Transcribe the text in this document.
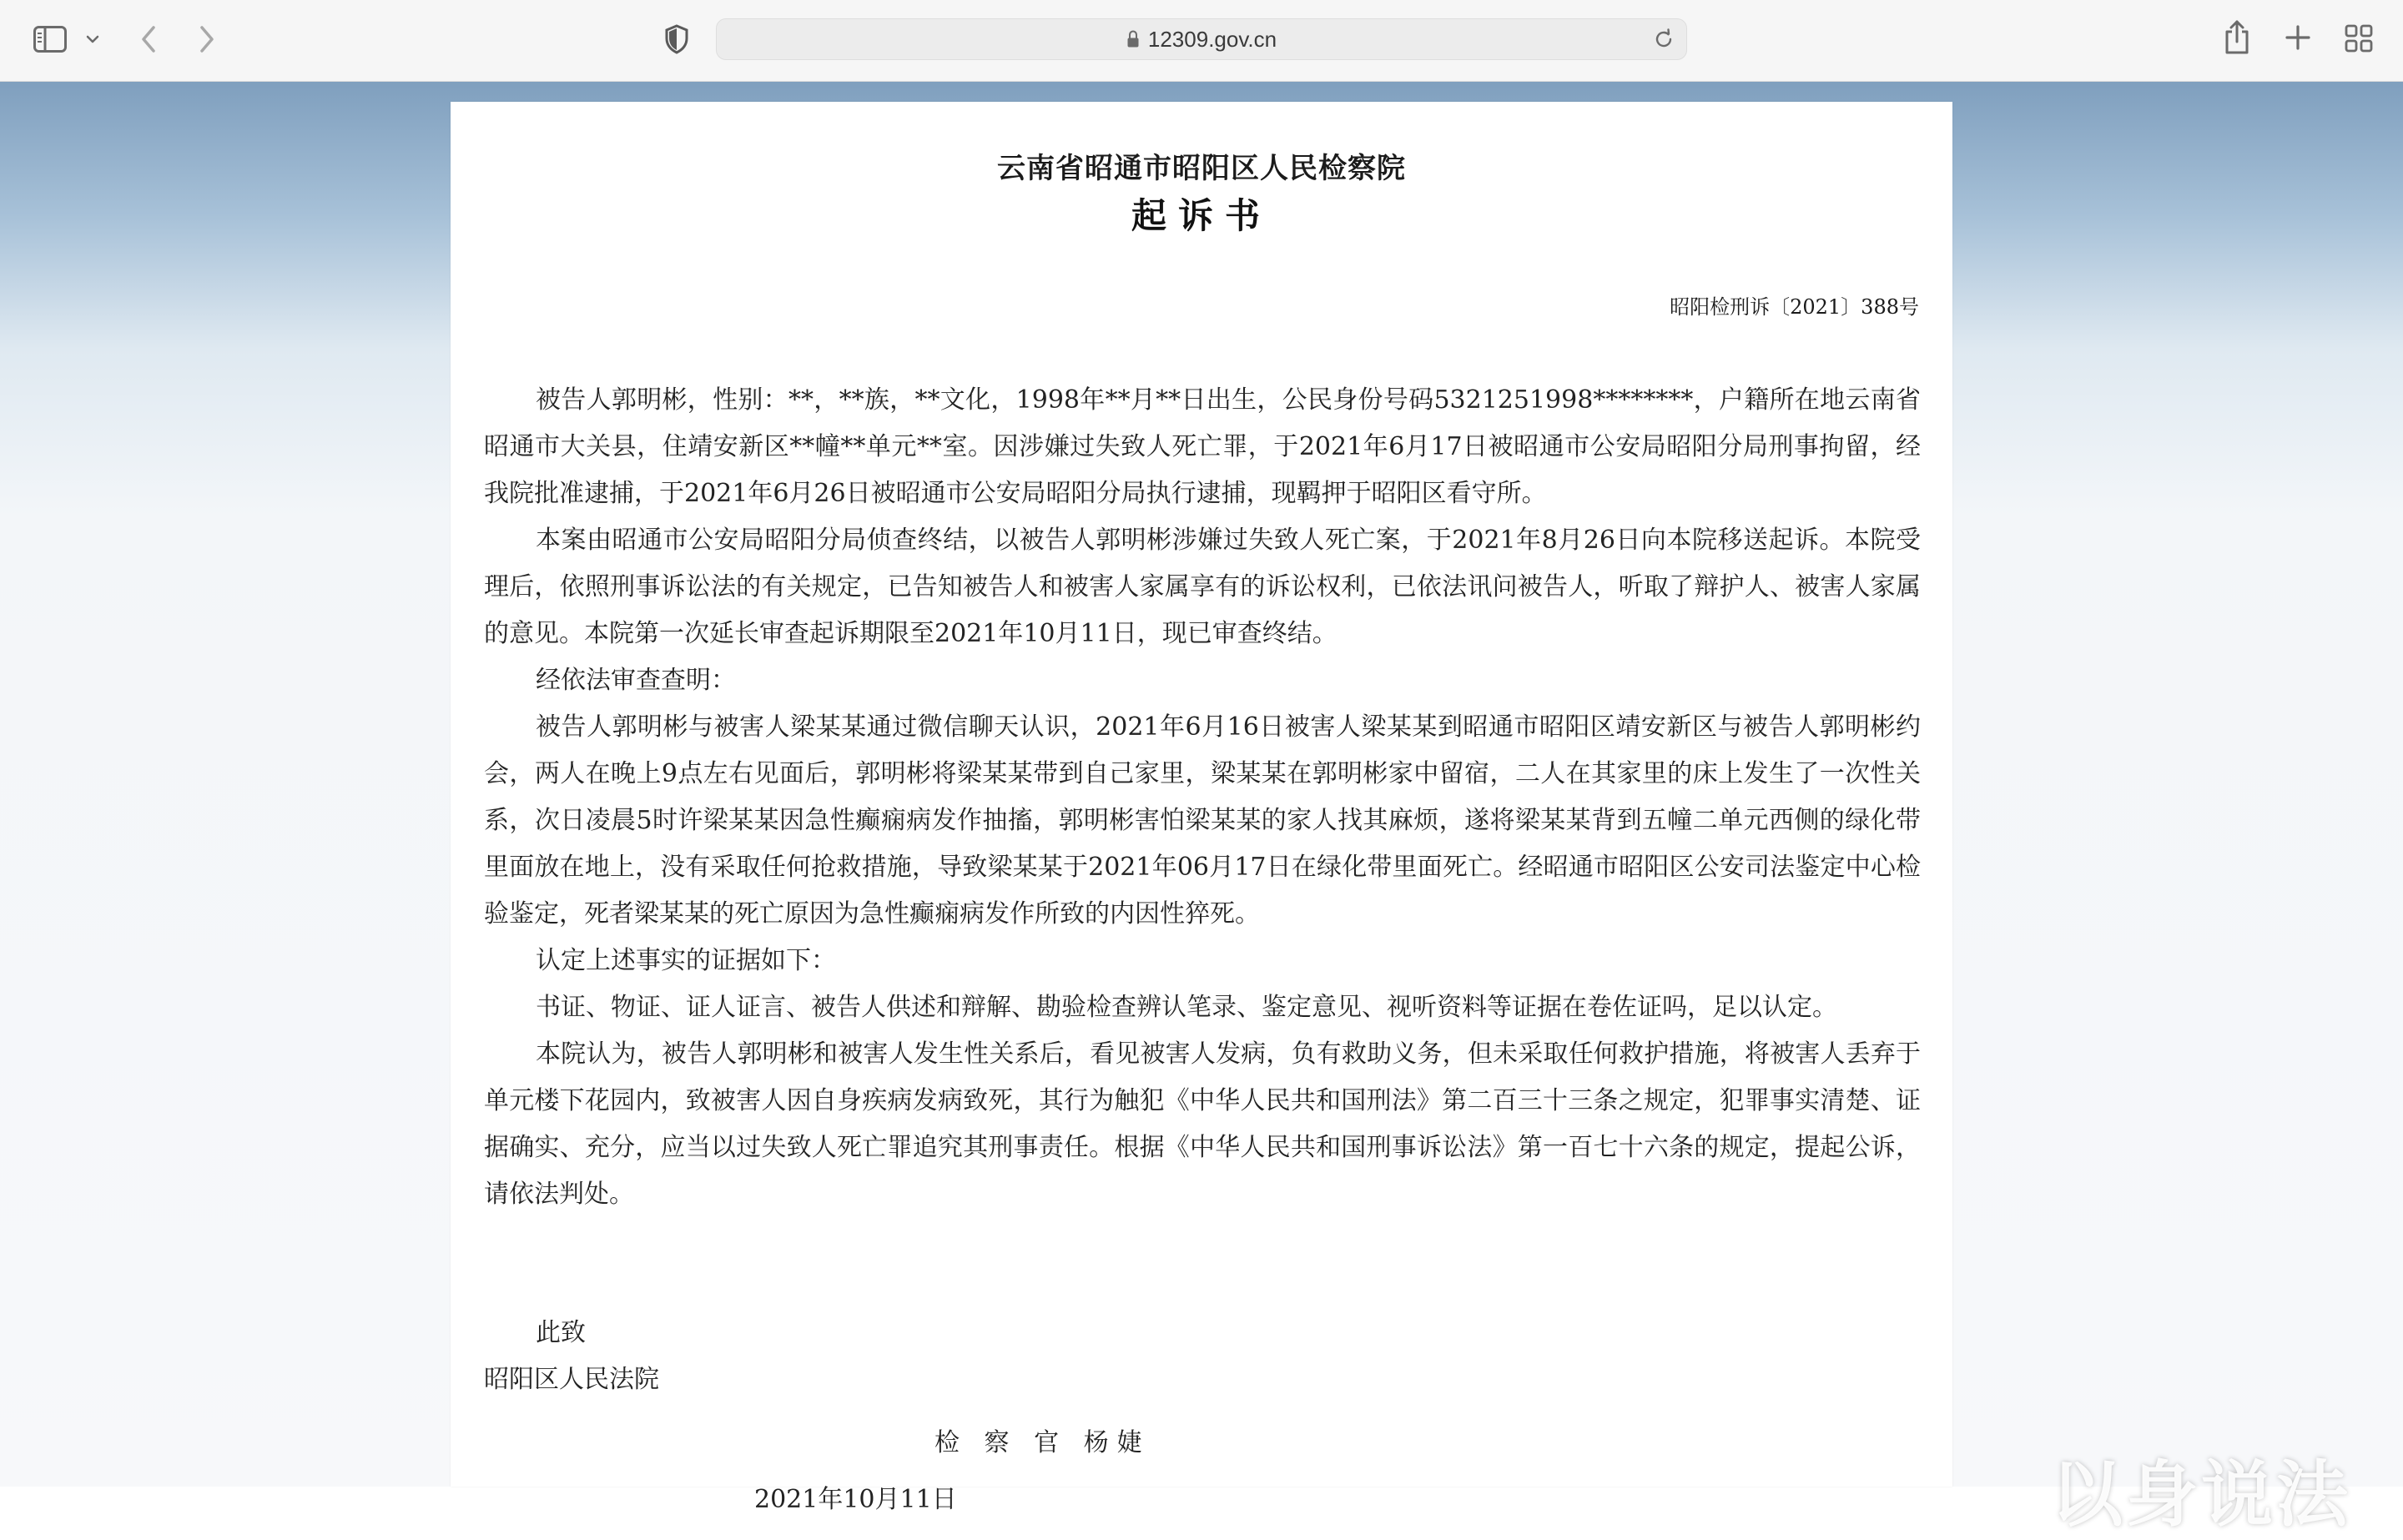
12309.gov.cn
云南省昭通市昭阳区人民检察院
起诉书
昭阳检刑诉〔2021〕388号

被告人郭明彬，性别：**，**族，**文化，1998年**月**日出生，公民身份号码5321251998********，户籍所在地云南省昭通市大关县，住靖安新区**幢**单元**室。因涉嫌过失致人死亡罪，于2021年6月17日被昭通市公安局昭阳分局刑事拘留，经我院批准逮捕，于2021年6月26日被昭通市公安局昭阳分局执行逮捕，现羁押于昭阳区看守所。

本案由昭通市公安局昭阳分局侦查终结，以被告人郭明彬涉嫌过失致人死亡案，于2021年8月26日向本院移送起诉。本院受理后，依照刑事诉讼法的有关规定，已告知被告人和被害人家属享有的诉讼权利，已依法讯问被告人，听取了辩护人、被害人家属的意见。本院第一次延长审查起诉期限至2021年10月11日，现已审查终结。

经依法审查查明：

被告人郭明彬与被害人梁某某通过微信聊天认识，2021年6月16日被害人梁某某到昭通市昭阳区靖安新区与被告人郭明彬约会，两人在晚上9点左右见面后，郭明彬将梁某某带到自己家里，梁某某在郭明彬家中留宿，二人在其家里的床上发生了一次性关系，次日凌晨5时许梁某某因急性癫痫病发作抽搐，郭明彬害怕梁某某的家人找其麻烦，遂将梁某某背到五幢二单元西侧的绿化带里面放在地上，没有采取任何抢救措施，导致梁某某于2021年06月17日在绿化带里面死亡。经昭通市昭阳区公安司法鉴定中心检验鉴定，死者梁某某的死亡原因为急性癫痫病发作所致的内因性猝死。

认定上述事实的证据如下：

书证、物证、证人证言、被告人供述和辩解、勘验检查辨认笔录、鉴定意见、视听资料等证据在卷佐证吗，足以认定。

本院认为，被告人郭明彬和被害人发生性关系后，看见被害人发病，负有救助义务，但未采取任何救护措施，将被害人丢弃于单元楼下花园内，致被害人因自身疾病发病致死，其行为触犯《中华人民共和国刑法》第二百三十三条之规定，犯罪事实清楚、证据确实、充分，应当以过失致人死亡罪追究其刑事责任。根据《中华人民共和国刑事诉讼法》第一百七十六条的规定，提起公诉，请依法判处。

此致
昭阳区人民法院
检 察 官 杨婕
2021年10月11日	以身说法
